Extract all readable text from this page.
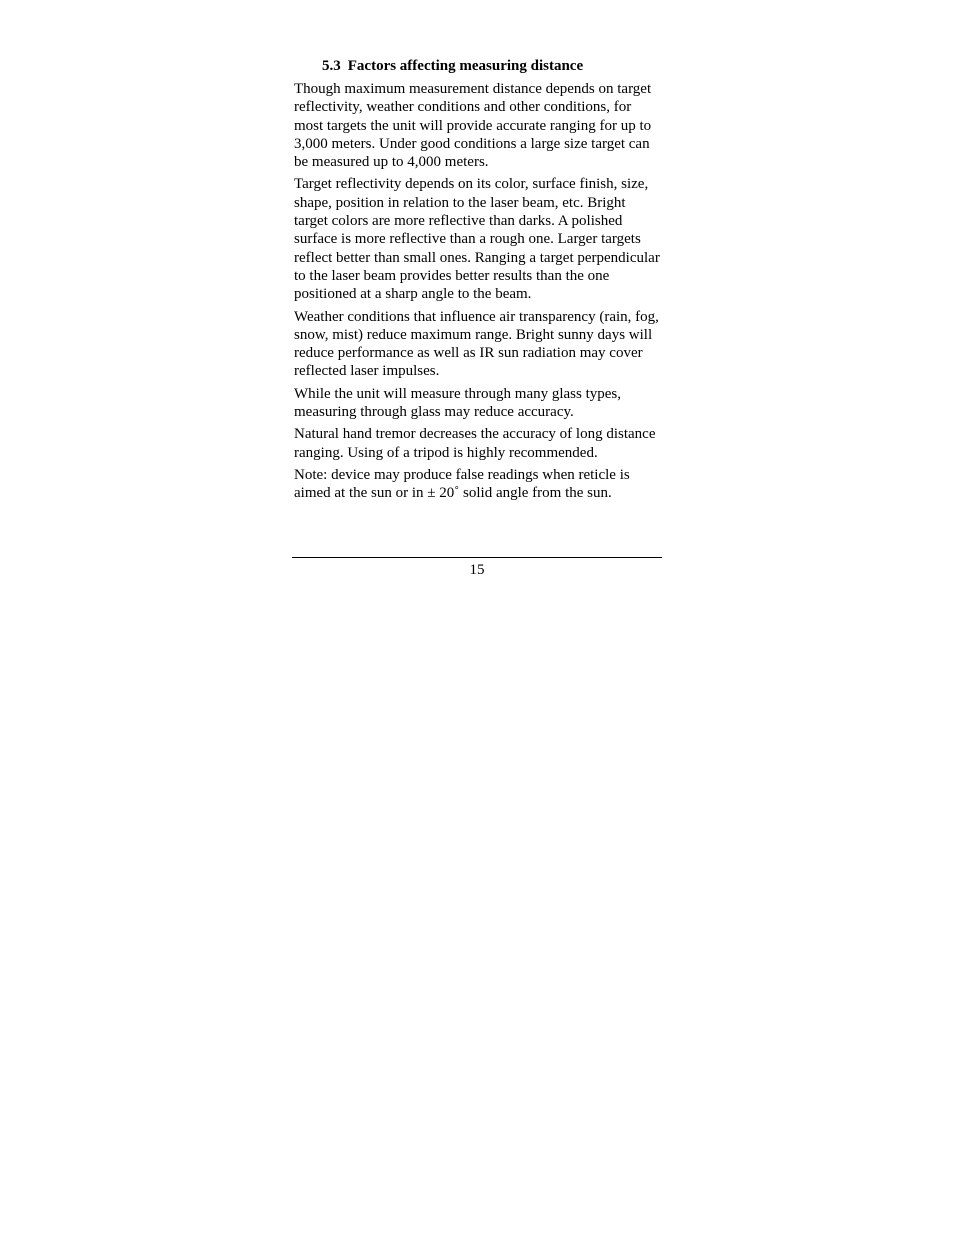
5.3 Factors affecting measuring distance

Though maximum measurement distance depends on target reflectivity, weather conditions and other conditions, for most targets the unit will provide accurate ranging for up to 3,000 meters. Under good conditions a large size target can be measured up to 4,000 meters.

Target reflectivity depends on its color, surface finish, size, shape, position in relation to the laser beam, etc. Bright target colors are more reflective than darks. A polished surface is more reflective than a rough one. Larger targets reflect better than small ones. Ranging a target perpendicular to the laser beam provides better results than the one positioned at a sharp angle to the beam.

Weather conditions that influence air transparency (rain, fog, snow, mist) reduce maximum range. Bright sunny days will reduce performance as well as IR sun radiation may cover reflected laser impulses.

While the unit will measure through many glass types, measuring through glass may reduce accuracy.

Natural hand tremor decreases the accuracy of long distance ranging. Using of a tripod is highly recommended.

Note: device may produce false readings when reticle is aimed at the sun or in ± 20˚ solid angle from the sun.

15
